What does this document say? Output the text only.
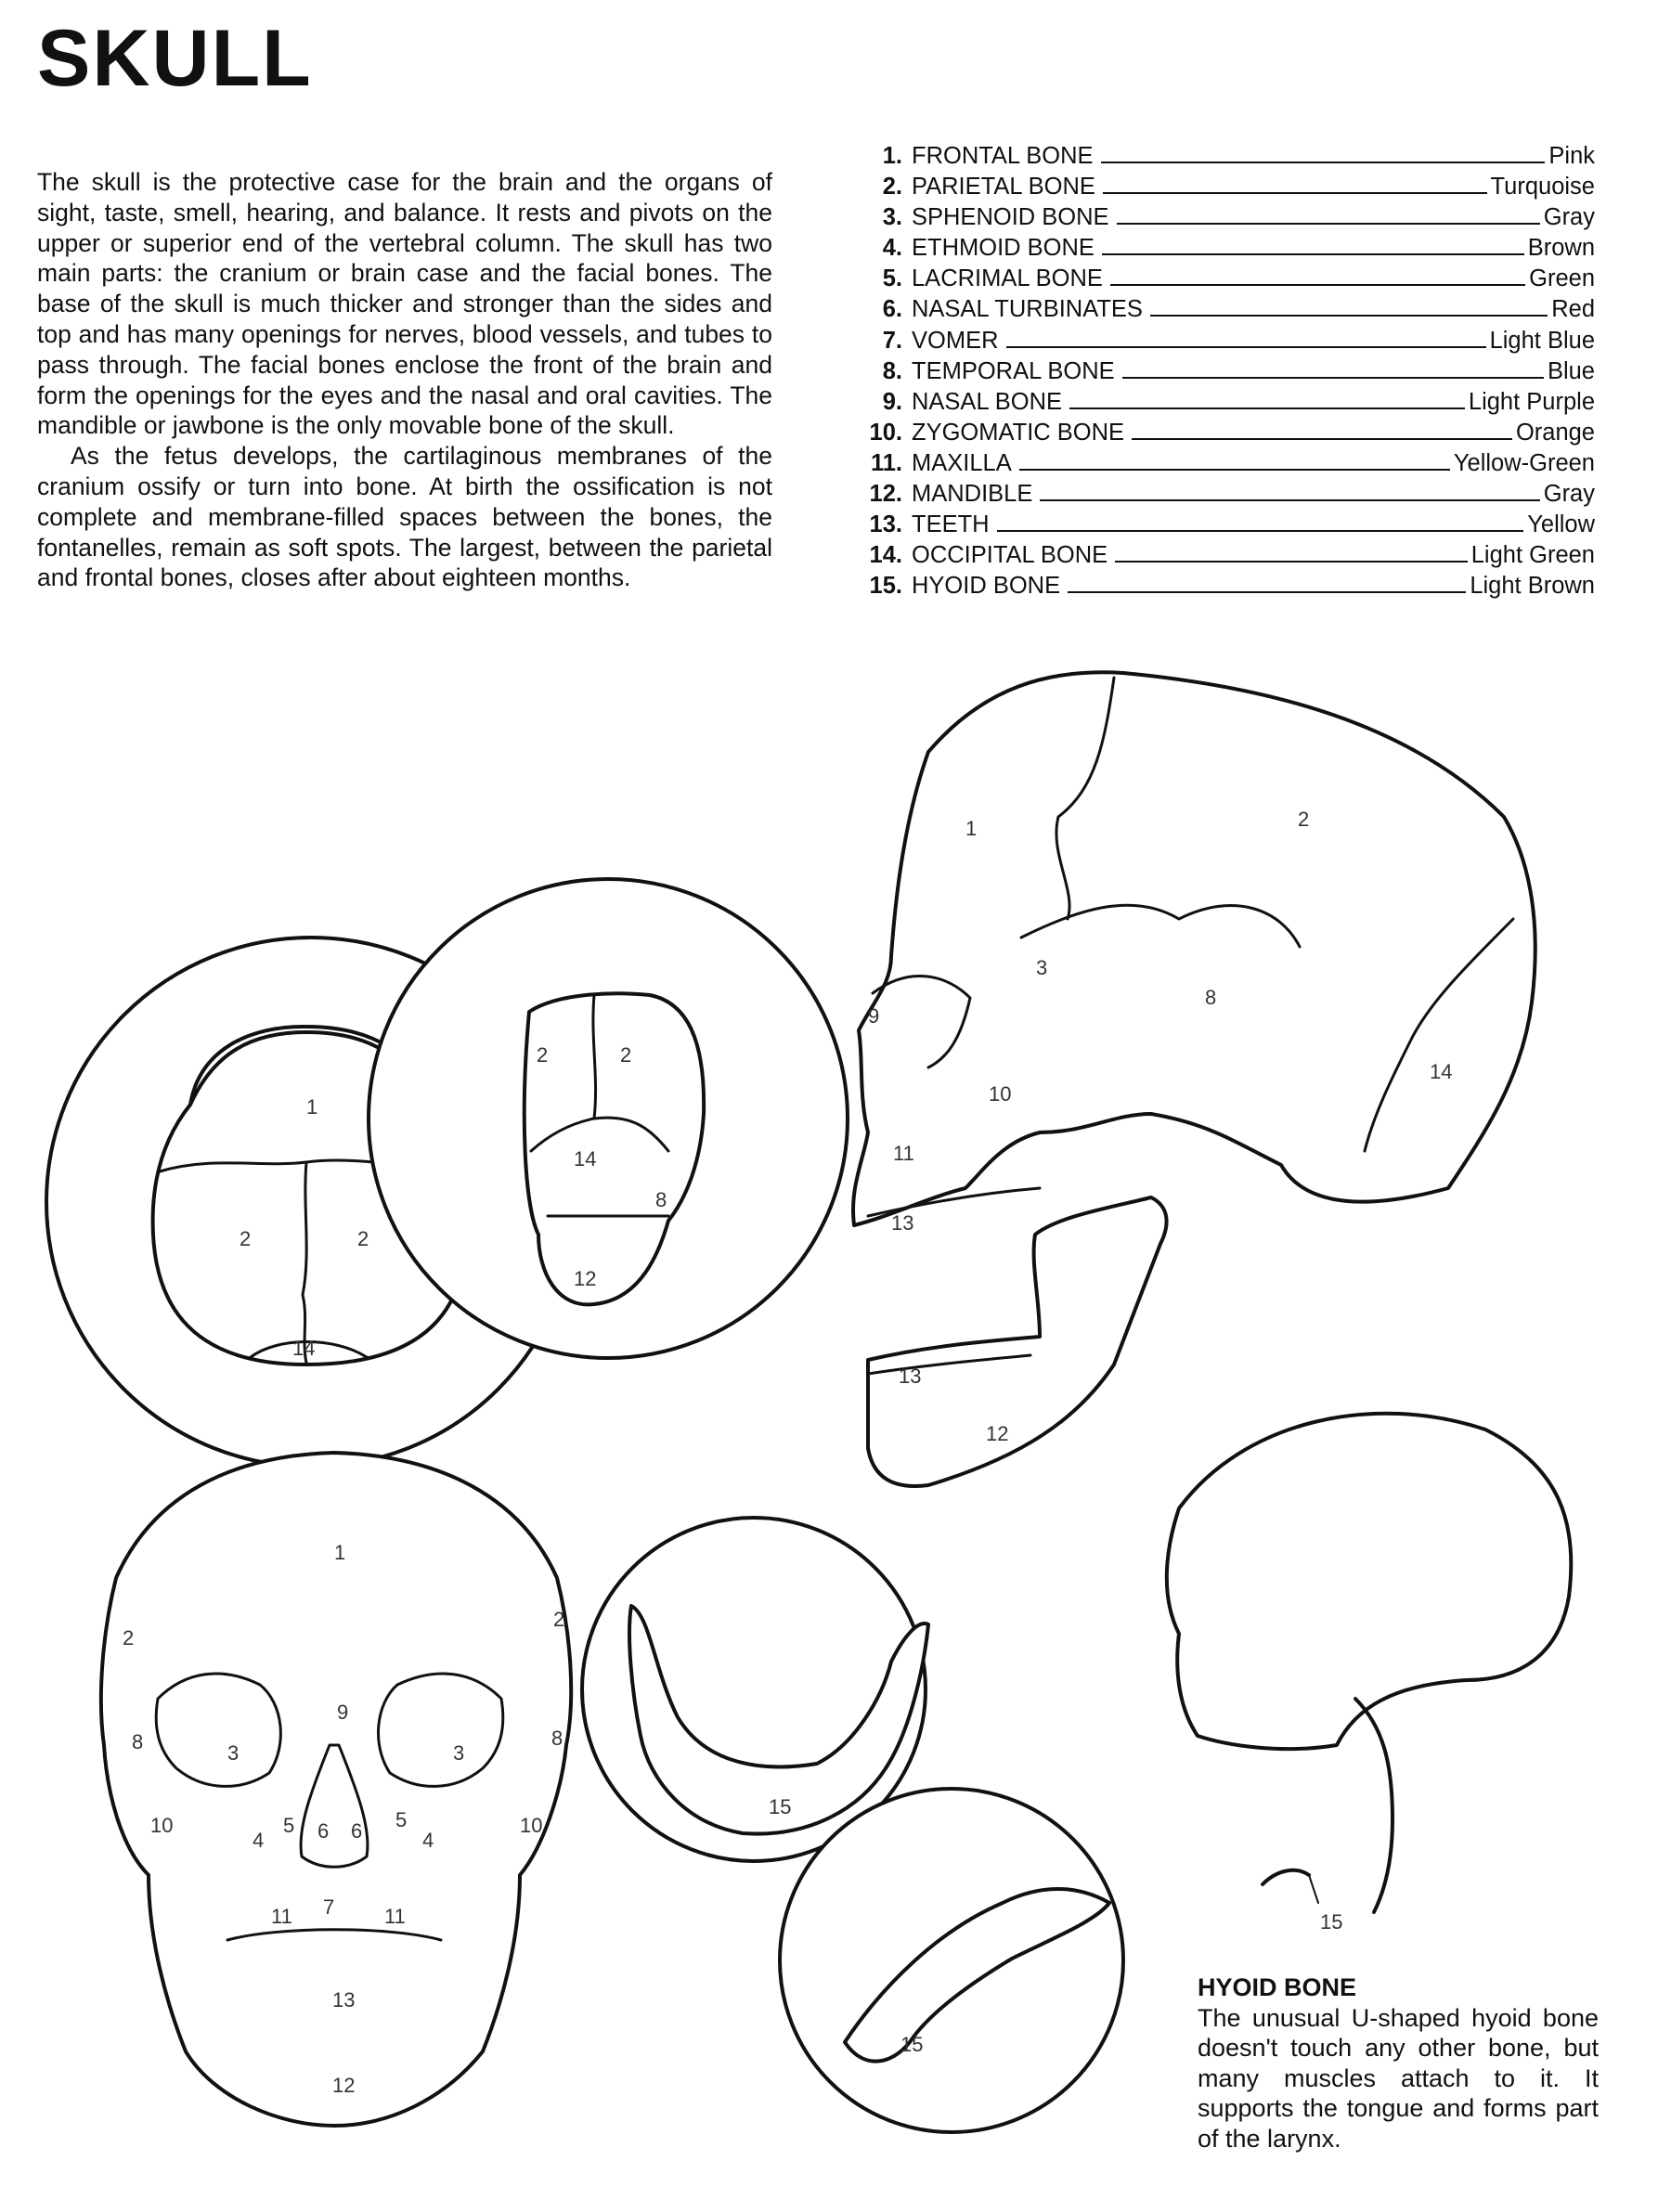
SKULL

The skull is the protective case for the brain and the organs of sight, taste, smell, hearing, and balance. It rests and pivots on the upper or superior end of the vertebral column. The skull has two main parts: the cranium or brain case and the facial bones. The base of the skull is much thicker and stronger than the sides and top and has many openings for nerves, blood vessels, and tubes to pass through. The facial bones enclose the front of the brain and form the openings for the eyes and the nasal and oral cavities. The mandible or jawbone is the only movable bone of the skull.

As the fetus develops, the cartilaginous membranes of the cranium ossify or turn into bone. At birth the ossification is not complete and membrane-filled spaces between the bones, the fontanelles, remain as soft spots. The largest, between the parietal and frontal bones, closes after about eighteen months.

1. FRONTAL BONE	Pink
2. PARIETAL BONE	Turquoise
3. SPHENOID BONE	Gray
4. ETHMOID BONE	Brown
5. LACRIMAL BONE	Green
6. NASAL TURBINATES	Red
7. VOMER	Light Blue
8. TEMPORAL BONE	Blue
9. NASAL BONE	Light Purple
10. ZYGOMATIC BONE	Orange
11. MAXILLA	Yellow-Green
12. MANDIBLE	Gray
13. TEETH	Yellow
14. OCCIPITAL BONE	Light Green
15. HYOID BONE	Light Brown
1
2	2
14
2	2
14
8
12
1	2
3
8
9
10
11
13
14
13
12
1
2
2
8	8
3	3
9
10	10
5	5
4	4
6 6
7
11	11
13
12
15
15
15
HYOID BONE

The unusual U-shaped hyoid bone doesn't touch any other bone, but many muscles attach to it. It supports the tongue and forms part of the larynx.
